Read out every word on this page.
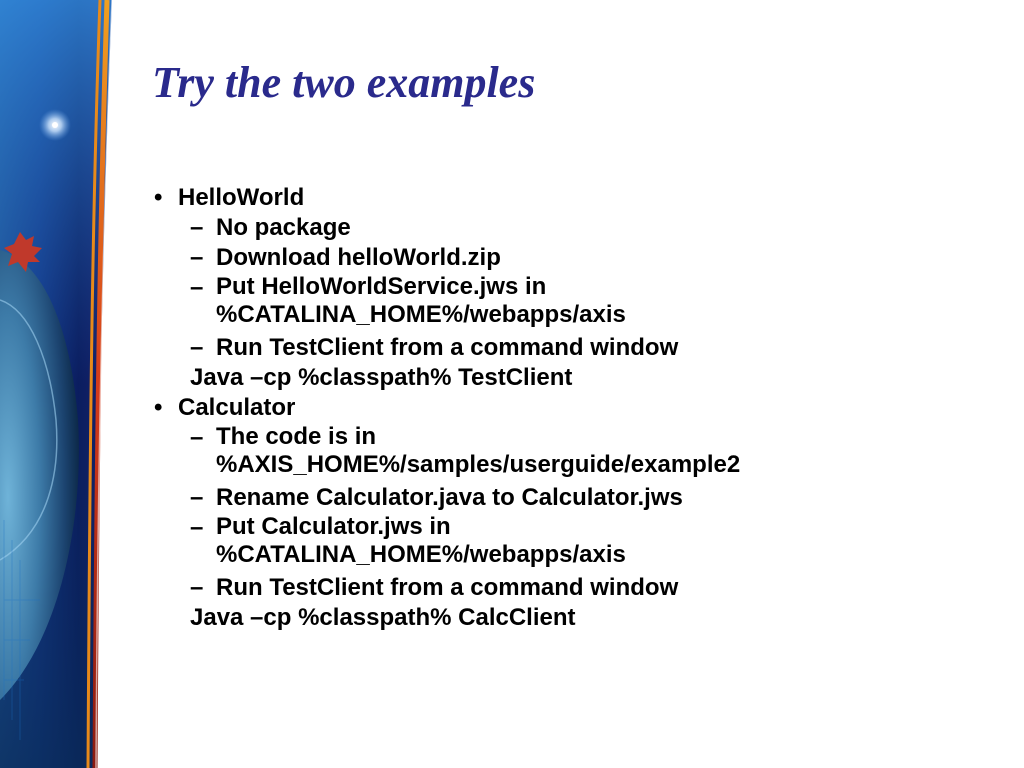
Try the two examples
• HelloWorld
– No package
– Download helloWorld.zip
– Put HelloWorldService.jws in
%CATALINA_HOME%/webapps/axis
– Run TestClient from a command window
Java –cp %classpath% TestClient
• Calculator
– The code is in
%AXIS_HOME%/samples/userguide/example2
– Rename Calculator.java to Calculator.jws
– Put Calculator.jws in
%CATALINA_HOME%/webapps/axis
– Run TestClient from a command window
Java –cp %classpath% CalcClient
